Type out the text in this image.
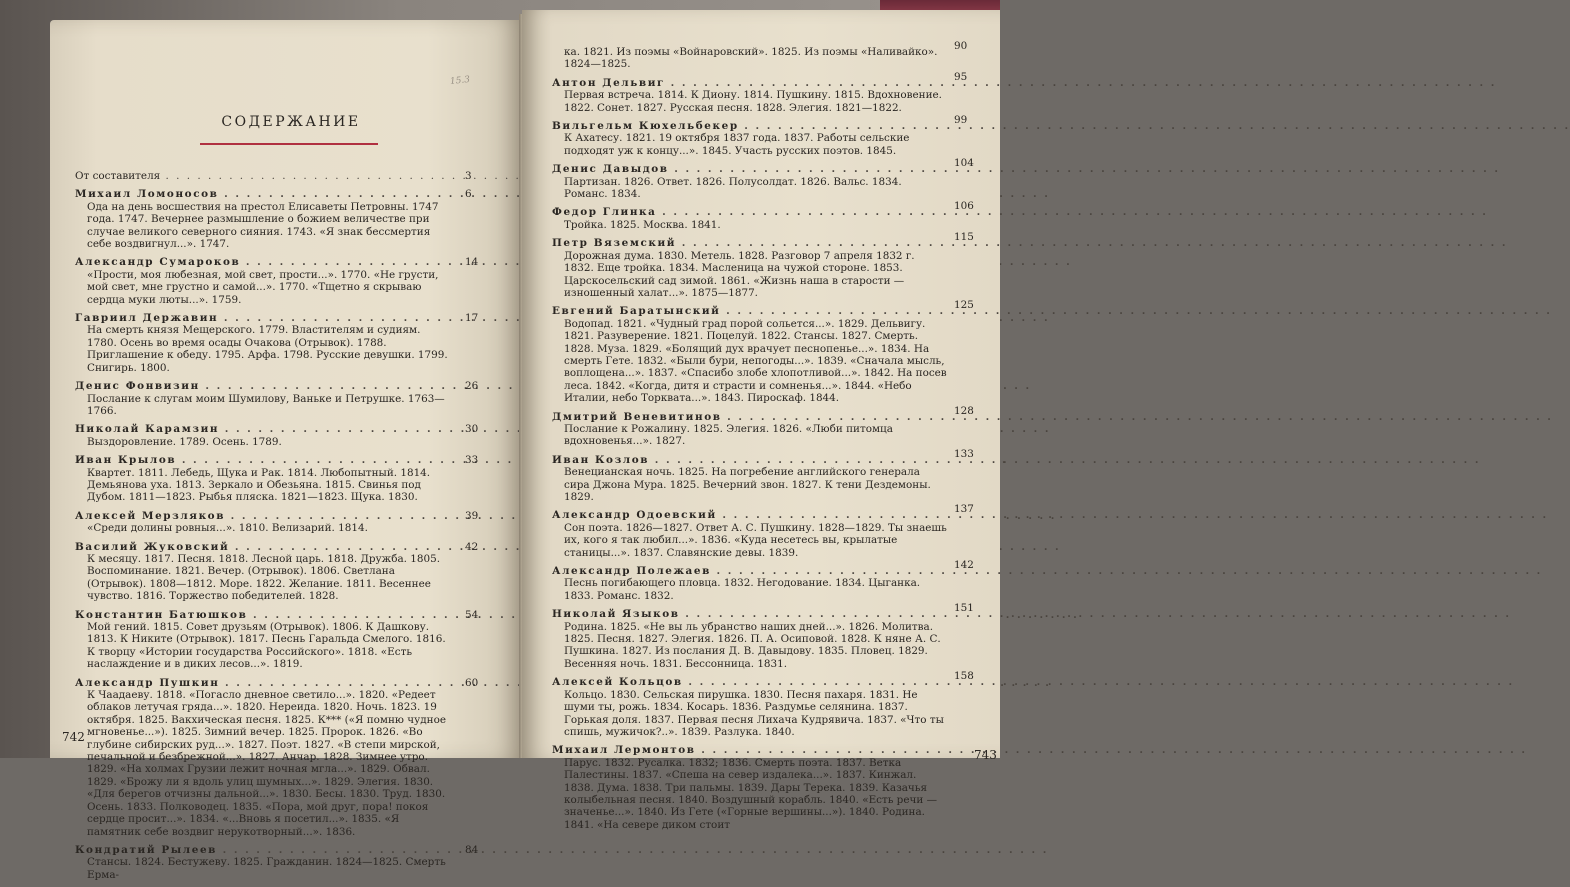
15.3
СОДЕРЖАНИЕ
От составителя . . .	3
Михаил Ломоносов . . .
Ода на день восшествия на престол Елисаветы Петровны. 1747 года. 1747. Вечернее размышление о божием величестве при случае великого северного сияния. 1743. «Я знак бессмертия себе воздвигнул...». 1747.
6
Александр Сумароков . . .
«Прости, моя любезная, мой свет, прости...». 1770. «Не грусти, мой свет, мне грустно и самой...». 1770. «Тщетно я скрываю сердца муки люты...». 1759.
14
Гавриил Державин . . .
На смерть князя Мещерского. 1779. Властителям и судиям. 1780. Осень во время осады Очакова (Отрывок). 1788. Приглашение к обеду. 1795. Арфа. 1798. Русские девушки. 1799. Снигирь. 1800.
17
Денис Фонвизин . . .
Послание к слугам моим Шумилову, Ваньке и Петрушке. 1763—1766.
26
Николай Карамзин . . .
Выздоровление. 1789. Осень. 1789.
30
Иван Крылов . . .
Квартет. 1811. Лебедь, Щука и Рак. 1814. Любопытный. 1814. Демьянова уха. 1813. Зеркало и Обезьяна. 1815. Свинья под Дубом. 1811—1823. Рыбья пляска. 1821—1823. Щука. 1830.
33
Алексей Мерзляков . . .
«Среди долины ровныя...». 1810. Велизарий. 1814.
39
Василий Жуковский . . .
К месяцу. 1817. Песня. 1818. Лесной царь. 1818. Дружба. 1805. Воспоминание. 1821. Вечер. (Отрывок). 1806. Светлана (Отрывок). 1808—1812. Море. 1822. Желание. 1811. Весеннее чувство. 1816. Торжество победителей. 1828.
42
Константин Батюшков . . .
Мой гений. 1815. Совет друзьям (Отрывок). 1806. К Дашкову. 1813. К Никите (Отрывок). 1817. Песнь Гаральда Смелого. 1816. К творцу «Истории государства Российского». 1818. «Есть наслаждение и в диких лесов...». 1819.
54
Александр Пушкин . . .
К Чаадаеву. 1818. «Погасло дневное светило...». 1820. «Редеет облаков летучая гряда...». 1820. Нереида. 1820. Ночь. 1823. 19 октября. 1825. Вакхическая песня. 1825. К*** («Я помню чудное мгновенье...»). 1825. Зимний вечер. 1825. Пророк. 1826. «Во глубине сибирских руд...». 1827. Поэт. 1827. «В степи мирской, печальной и безбрежной...». 1827. Анчар. 1828. Зимнее утро. 1829. «На холмах Грузии лежит ночная мгла...». 1829. Обвал. 1829. «Брожу ли я вдоль улиц шумных...». 1829. Элегия. 1830. «Для берегов отчизны дальной...». 1830. Бесы. 1830. Труд. 1830. Осень. 1833. Полководец. 1835. «Пора, мой друг, пора! покоя сердце просит...». 1834. «...Вновь я посетил...». 1835. «Я памятник себе воздвиг нерукотворный...». 1836.
60
Кондратий Рылеев . . .
Стансы. 1824. Бестужеву. 1825. Гражданин. 1824—1825. Смерть Ерма-
84
742
ка. 1821. Из поэмы «Войнаровский». 1825. Из поэмы «Наливайко». 1824—1825.
90
Антон Дельвиг . . .
Первая встреча. 1814. К Диону. 1814. Пушкину. 1815. Вдохновение. 1822. Сонет. 1827. Русская песня. 1828. Элегия. 1821—1822.
95
Вильгельм Кюхельбекер . . .
К Ахатесу. 1821. 19 октября 1837 года. 1837. Работы сельские подходят уж к концу...». 1845. Участь русских поэтов. 1845.
99
Денис Давыдов . . .
Партизан. 1826. Ответ. 1826. Полусолдат. 1826. Вальс. 1834. Романс. 1834.
104
Федор Глинка . . .
Тройка. 1825. Москва. 1841.
106
Петр Вяземский . . .
Дорожная дума. 1830. Метель. 1828. Разговор 7 апреля 1832 г. 1832. Еще тройка. 1834. Масленица на чужой стороне. 1853. Царскосельский сад зимой. 1861. «Жизнь наша в старости — изношенный халат...». 1875—1877.
115
Евгений Баратынский . . .
Водопад. 1821. «Чудный град порой сольется...». 1829. Дельвигу. 1821. Разуверение. 1821. Поцелуй. 1822. Стансы. 1827. Смерть. 1828. Муза. 1829. «Болящий дух врачует песнопенье...». 1834. На смерть Гете. 1832. «Были бури, непогоды...». 1839. «Сначала мысль, воплощена...». 1837. «Спасибо злобе хлопотливой...». 1842. На посев леса. 1842. «Когда, дитя и страсти и сомненья...». 1844. «Небо Италии, небо Торквата...». 1843. Пироскаф. 1844.
125
Дмитрий Веневитинов . . .
Послание к Рожалину. 1825. Элегия. 1826. «Люби питомца вдохновенья...». 1827.
128
Иван Козлов . . .
Венецианская ночь. 1825. На погребение английского генерала сира Джона Мура. 1825. Вечерний звон. 1827. К тени Дездемоны. 1829.
133
Александр Одоевский . . .
Сон поэта. 1826—1827. Ответ А. С. Пушкину. 1828—1829. Ты знаешь их, кого я так любил...». 1836. «Куда несетесь вы, крылатые станицы...». 1837. Славянские девы. 1839.
137
Александр Полежаев . . .
Песнь погибающего пловца. 1832. Негодование. 1834. Цыганка. 1833. Романс. 1832.
142
Николай Языков . . .
Родина. 1825. «Не вы ль убранство наших дней...». 1826. Молитва. 1825. Песня. 1827. Элегия. 1826. П. А. Осиповой. 1828. К няне А. С. Пушкина. 1827. Из послания Д. В. Давыдову. 1835. Пловец. 1829. Весенняя ночь. 1831. Бессонница. 1831.
151
Алексей Кольцов . . .
Кольцо. 1830. Сельская пирушка. 1830. Песня пахаря. 1831. Не шуми ты, рожь. 1834. Косарь. 1836. Раздумье селянина. 1837. Горькая доля. 1837. Первая песня Лихача Кудрявича. 1837. «Что ты спишь, мужичок?..». 1839. Разлука. 1840.
158
Михаил Лермонтов . . .
Парус. 1832. Русалка. 1832; 1836. Смерть поэта. 1837. Ветка Палестины. 1837. «Спеша на север издалека...». 1837. Кинжал. 1838. Дума. 1838. Три пальмы. 1839. Дары Терека. 1839. Казачья колыбельная песня. 1840. Воздушный корабль. 1840. «Есть речи — значенье...». 1840. Из Гете («Горные вершины...»). 1840. Родина. 1841. «На севере диком стоит
743
